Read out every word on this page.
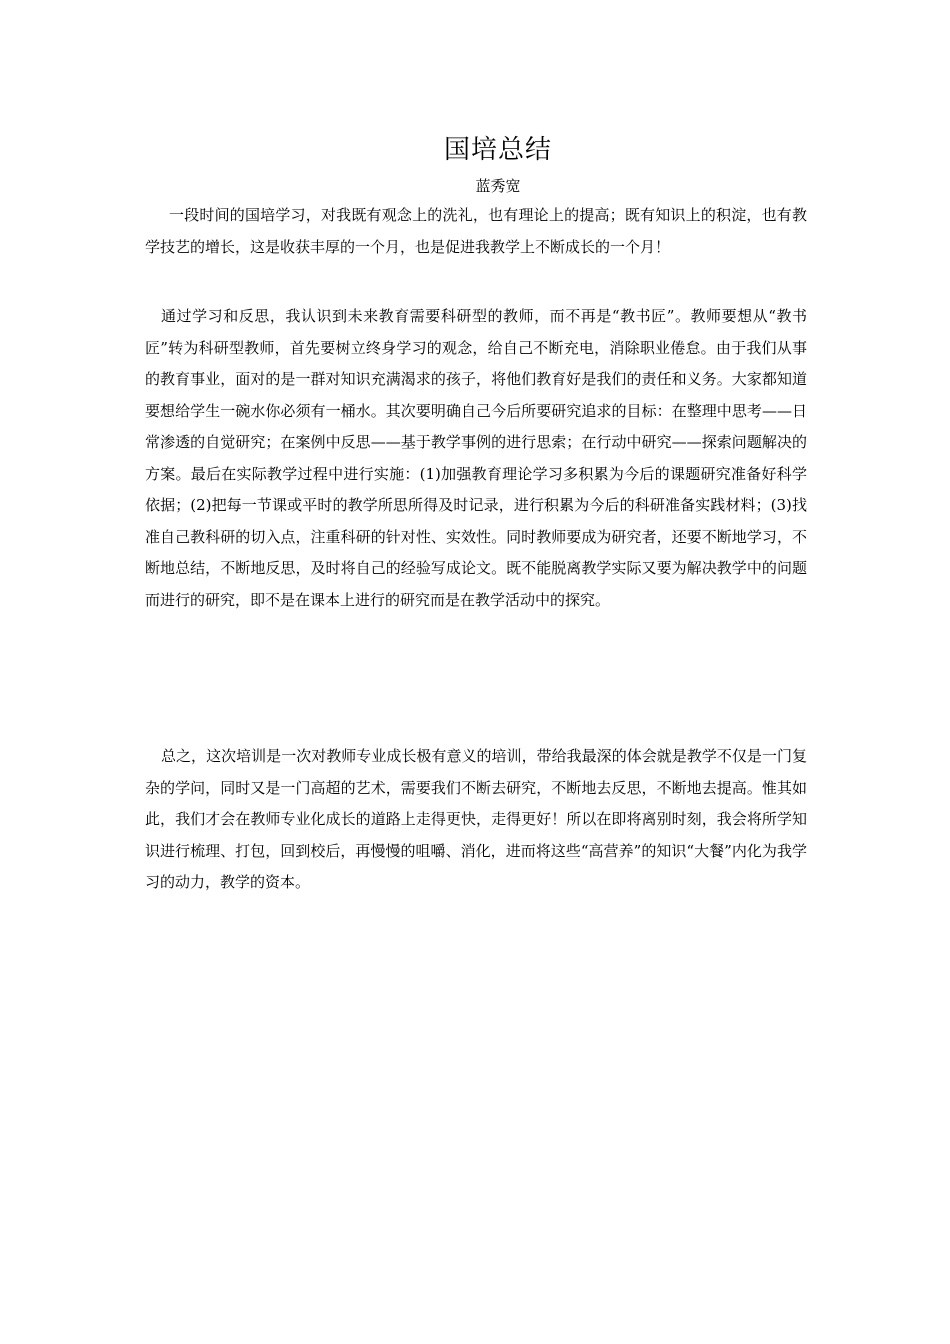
国培总结
蓝秀宽

一段时间的国培学习，对我既有观念上的洗礼，也有理论上的提高；既有知识上的积淀，也有教学技艺的增长，这是收获丰厚的一个月，也是促进我教学上不断成长的一个月！

通过学习和反思，我认识到未来教育需要科研型的教师，而不再是“教书匠”。教师要想从“教书匠”转为科研型教师，首先要树立终身学习的观念，给自己不断充电，消除职业倦怠。由于我们从事的教育事业，面对的是一群对知识充满渴求的孩子，将他们教育好是我们的责任和义务。大家都知道要想给学生一碗水你必须有一桶水。其次要明确自己今后所要研究追求的目标：在整理中思考——日常渗透的自觉研究；在案例中反思——基于教学事例的进行思索；在行动中研究——探索问题解决的方案。最后在实际教学过程中进行实施：(1)加强教育理论学习多积累为今后的课题研究准备好科学依据；(2)把每一节课或平时的教学所思所得及时记录，进行积累为今后的科研准备实践材料；(3)找准自己教科研的切入点，注重科研的针对性、实效性。同时教师要成为研究者，还要不断地学习，不断地总结，不断地反思，及时将自己的经验写成论文。既不能脱离教学实际又要为解决教学中的问题而进行的研究，即不是在课本上进行的研究而是在教学活动中的探究。

总之，这次培训是一次对教师专业成长极有意义的培训，带给我最深的体会就是教学不仅是一门复杂的学问，同时又是一门高超的艺术，需要我们不断去研究，不断地去反思，不断地去提高。惟其如此，我们才会在教师专业化成长的道路上走得更快，走得更好！所以在即将离别时刻，我会将所学知识进行梳理、打包，回到校后，再慢慢的咀嚼、消化，进而将这些“高营养”的知识“大餐”内化为我学习的动力，教学的资本。
